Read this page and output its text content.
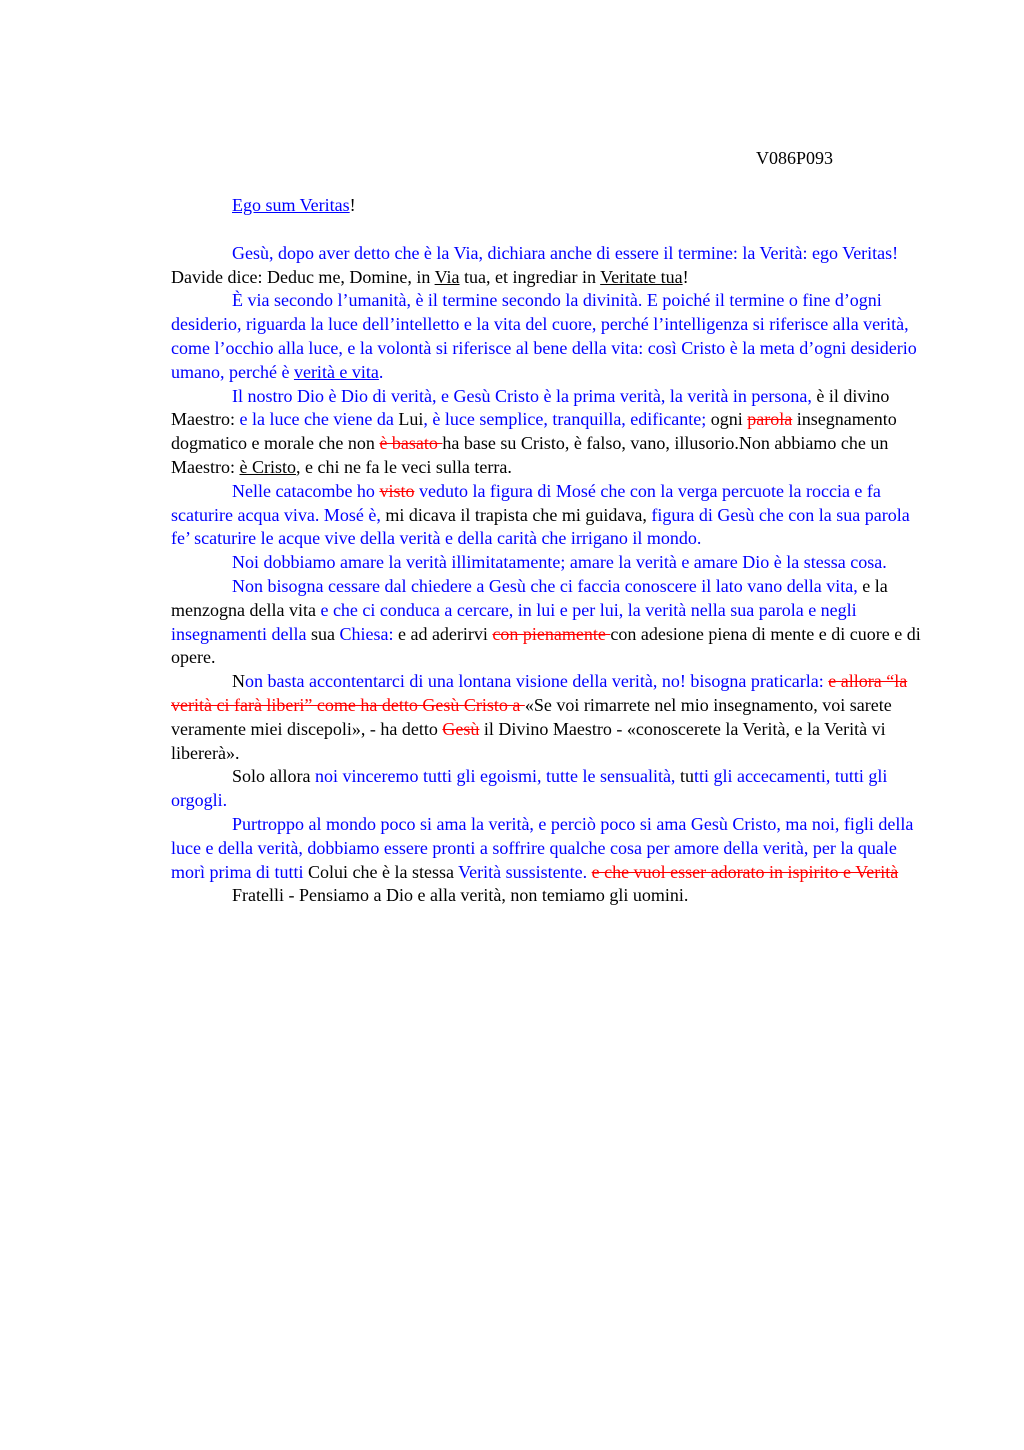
V086P093

Ego sum Veritas!

Gesù, dopo aver detto che è la Via, dichiara anche di essere il termine: la Verità: ego Veritas! Davide dice: Deduc me, Domine, in Via tua, et ingrediar in Veritate tua!

È via secondo l’umanità, è il termine secondo la divinità. E poiché il termine o fine d’ogni desiderio, riguarda la luce dell’intelletto e la vita del cuore, perché l’intelligenza si riferisce alla verità, come l’occhio alla luce, e la volontà si riferisce al bene della vita: così Cristo è la meta d’ogni desiderio umano, perché è verità e vita.

Il nostro Dio è Dio di verità, e Gesù Cristo è la prima verità, la verità in persona, è il divino Maestro: e la luce che viene da Lui, è luce semplice, tranquilla, edificante; ogni parola insegnamento dogmatico e morale che non è basato ha base su Cristo, è falso, vano, illusorio.Non abbiamo che un Maestro: è Cristo, e chi ne fa le veci sulla terra.

Nelle catacombe ho visto veduto la figura di Mosé che con la verga percuote la roccia e fa scaturire acqua viva. Mosé è, mi dicava il trapista che mi guidava, figura di Gesù che con la sua parola fe’ scaturire le acque vive della verità e della carità che irrigano il mondo.

Noi dobbiamo amare la verità illimitatamente; amare la verità e amare Dio è la stessa cosa.

Non bisogna cessare dal chiedere a Gesù che ci faccia conoscere il lato vano della vita, e la menzogna della vita e che ci conduca a cercare, in lui e per lui, la verità nella sua parola e negli insegnamenti della sua Chiesa: e ad aderirvi con pienamente con adesione piena di mente e di cuore e di opere.

Non basta accontentarci di una lontana visione della verità, no! bisogna praticarla: e allora “la verità ci farà liberi” come ha detto Gesù Cristo a «Se voi rimarrete nel mio insegnamento, voi sarete veramente miei discepoli», - ha detto Gesù il Divino Maestro - «conoscerete la Verità, e la Verità vi libererà».

Solo allora noi vinceremo tutti gli egoismi, tutte le sensualità, tutti gli accecamenti, tutti gli orgogli.

Purtroppo al mondo poco si ama la verità, e perciò poco si ama Gesù Cristo, ma noi, figli della luce e della verità, dobbiamo essere pronti a soffrire qualche cosa per amore della verità, per la quale morì prima di tutti Colui che è la stessa Verità sussistente. e che vuol esser adorato in ispirito e Verità

Fratelli - Pensiamo a Dio e alla verità, non temiamo gli uomini.
